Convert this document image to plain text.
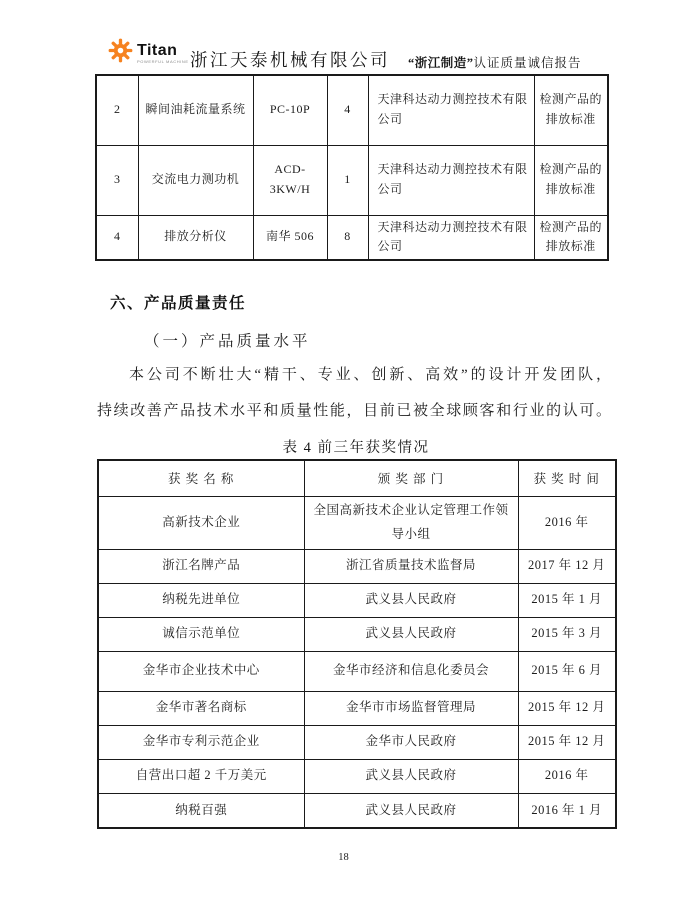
Titan
POWERFUL MACHINE 浙江天泰机械有限公司 “浙江制造”认证质量诚信报告
2	瞬间油耗流量系统	PC-10P	4	天津科达动力测控技术有限公司	检测产品的排放标准
3	交流电力测功机	ACD-3KW/H	1	天津科达动力测控技术有限公司	检测产品的排放标准
4	排放分析仪	南华 506	8	天津科达动力测控技术有限公司	检测产品的排放标准
六、产品质量责任
（一）产品质量水平
本公司不断壮大“精干、专业、创新、高效”的设计开发团队，
持续改善产品技术水平和质量性能，目前已被全球顾客和行业的认可。
表 4 前三年获奖情况
获 奖 名 称	颁 奖 部 门	获 奖 时 间
高新技术企业	全国高新技术企业认定管理工作领导小组	2016 年
浙江名牌产品	浙江省质量技术监督局	2017 年 12 月
纳税先进单位	武义县人民政府	2015 年 1 月
诚信示范单位	武义县人民政府	2015 年 3 月
金华市企业技术中心	金华市经济和信息化委员会	2015 年 6 月
金华市著名商标	金华市市场监督管理局	2015 年 12 月
金华市专利示范企业	金华市人民政府	2015 年 12 月
自营出口超 2 千万美元	武义县人民政府	2016 年
纳税百强	武义县人民政府	2016 年 1 月
18
